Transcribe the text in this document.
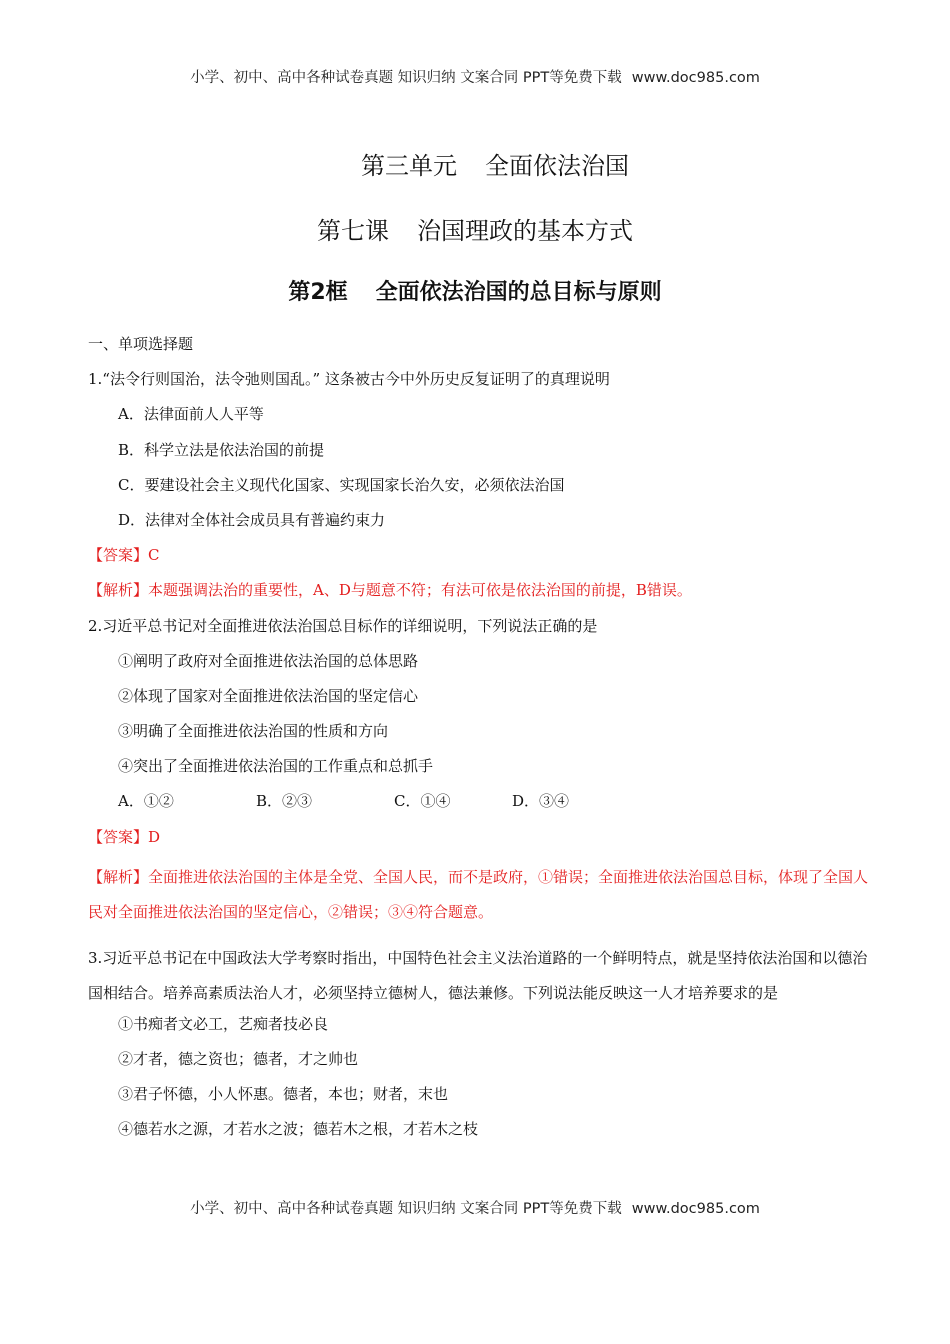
小学、初中、高中各种试卷真题 知识归纳 文案合同 PPT等免费下载 www.doc985.com
第三单元 全面依法治国
第七课 治国理政的基本方式
第2框 全面依法治国的总目标与原则
一、单项选择题
1.“法令行则国治，法令弛则国乱。” 这条被古今中外历史反复证明了的真理说明
A．法律面前人人平等
B．科学立法是依法治国的前提
C．要建设社会主义现代化国家、实现国家长治久安，必须依法治国
D．法律对全体社会成员具有普遍约束力
【答案】C
【解析】本题强调法治的重要性，A、D与题意不符；有法可依是依法治国的前提，B错误。
2.习近平总书记对全面推进依法治国总目标作的详细说明，下列说法正确的是
①阐明了政府对全面推进依法治国的总体思路
②体现了国家对全面推进依法治国的坚定信心
③明确了全面推进依法治国的性质和方向
④突出了全面推进依法治国的工作重点和总抓手
A．①②	B．②③	C．①④	D．③④
【答案】D
【解析】全面推进依法治国的主体是全党、全国人民，而不是政府，①错误；全面推进依法治国总目标，体现了全国人民对全面推进依法治国的坚定信心，②错误；③④符合题意。
3.习近平总书记在中国政法大学考察时指出，中国特色社会主义法治道路的一个鲜明特点，就是坚持依法治国和以德治国相结合。培养高素质法治人才，必须坚持立德树人，德法兼修。下列说法能反映这一人才培养要求的是
①书痴者文必工，艺痴者技必良
②才者，德之资也；德者，才之帅也
③君子怀德，小人怀惠。德者，本也；财者，末也
④德若水之源，才若水之波；德若木之根，才若木之枝
小学、初中、高中各种试卷真题 知识归纳 文案合同 PPT等免费下载 www.doc985.com
